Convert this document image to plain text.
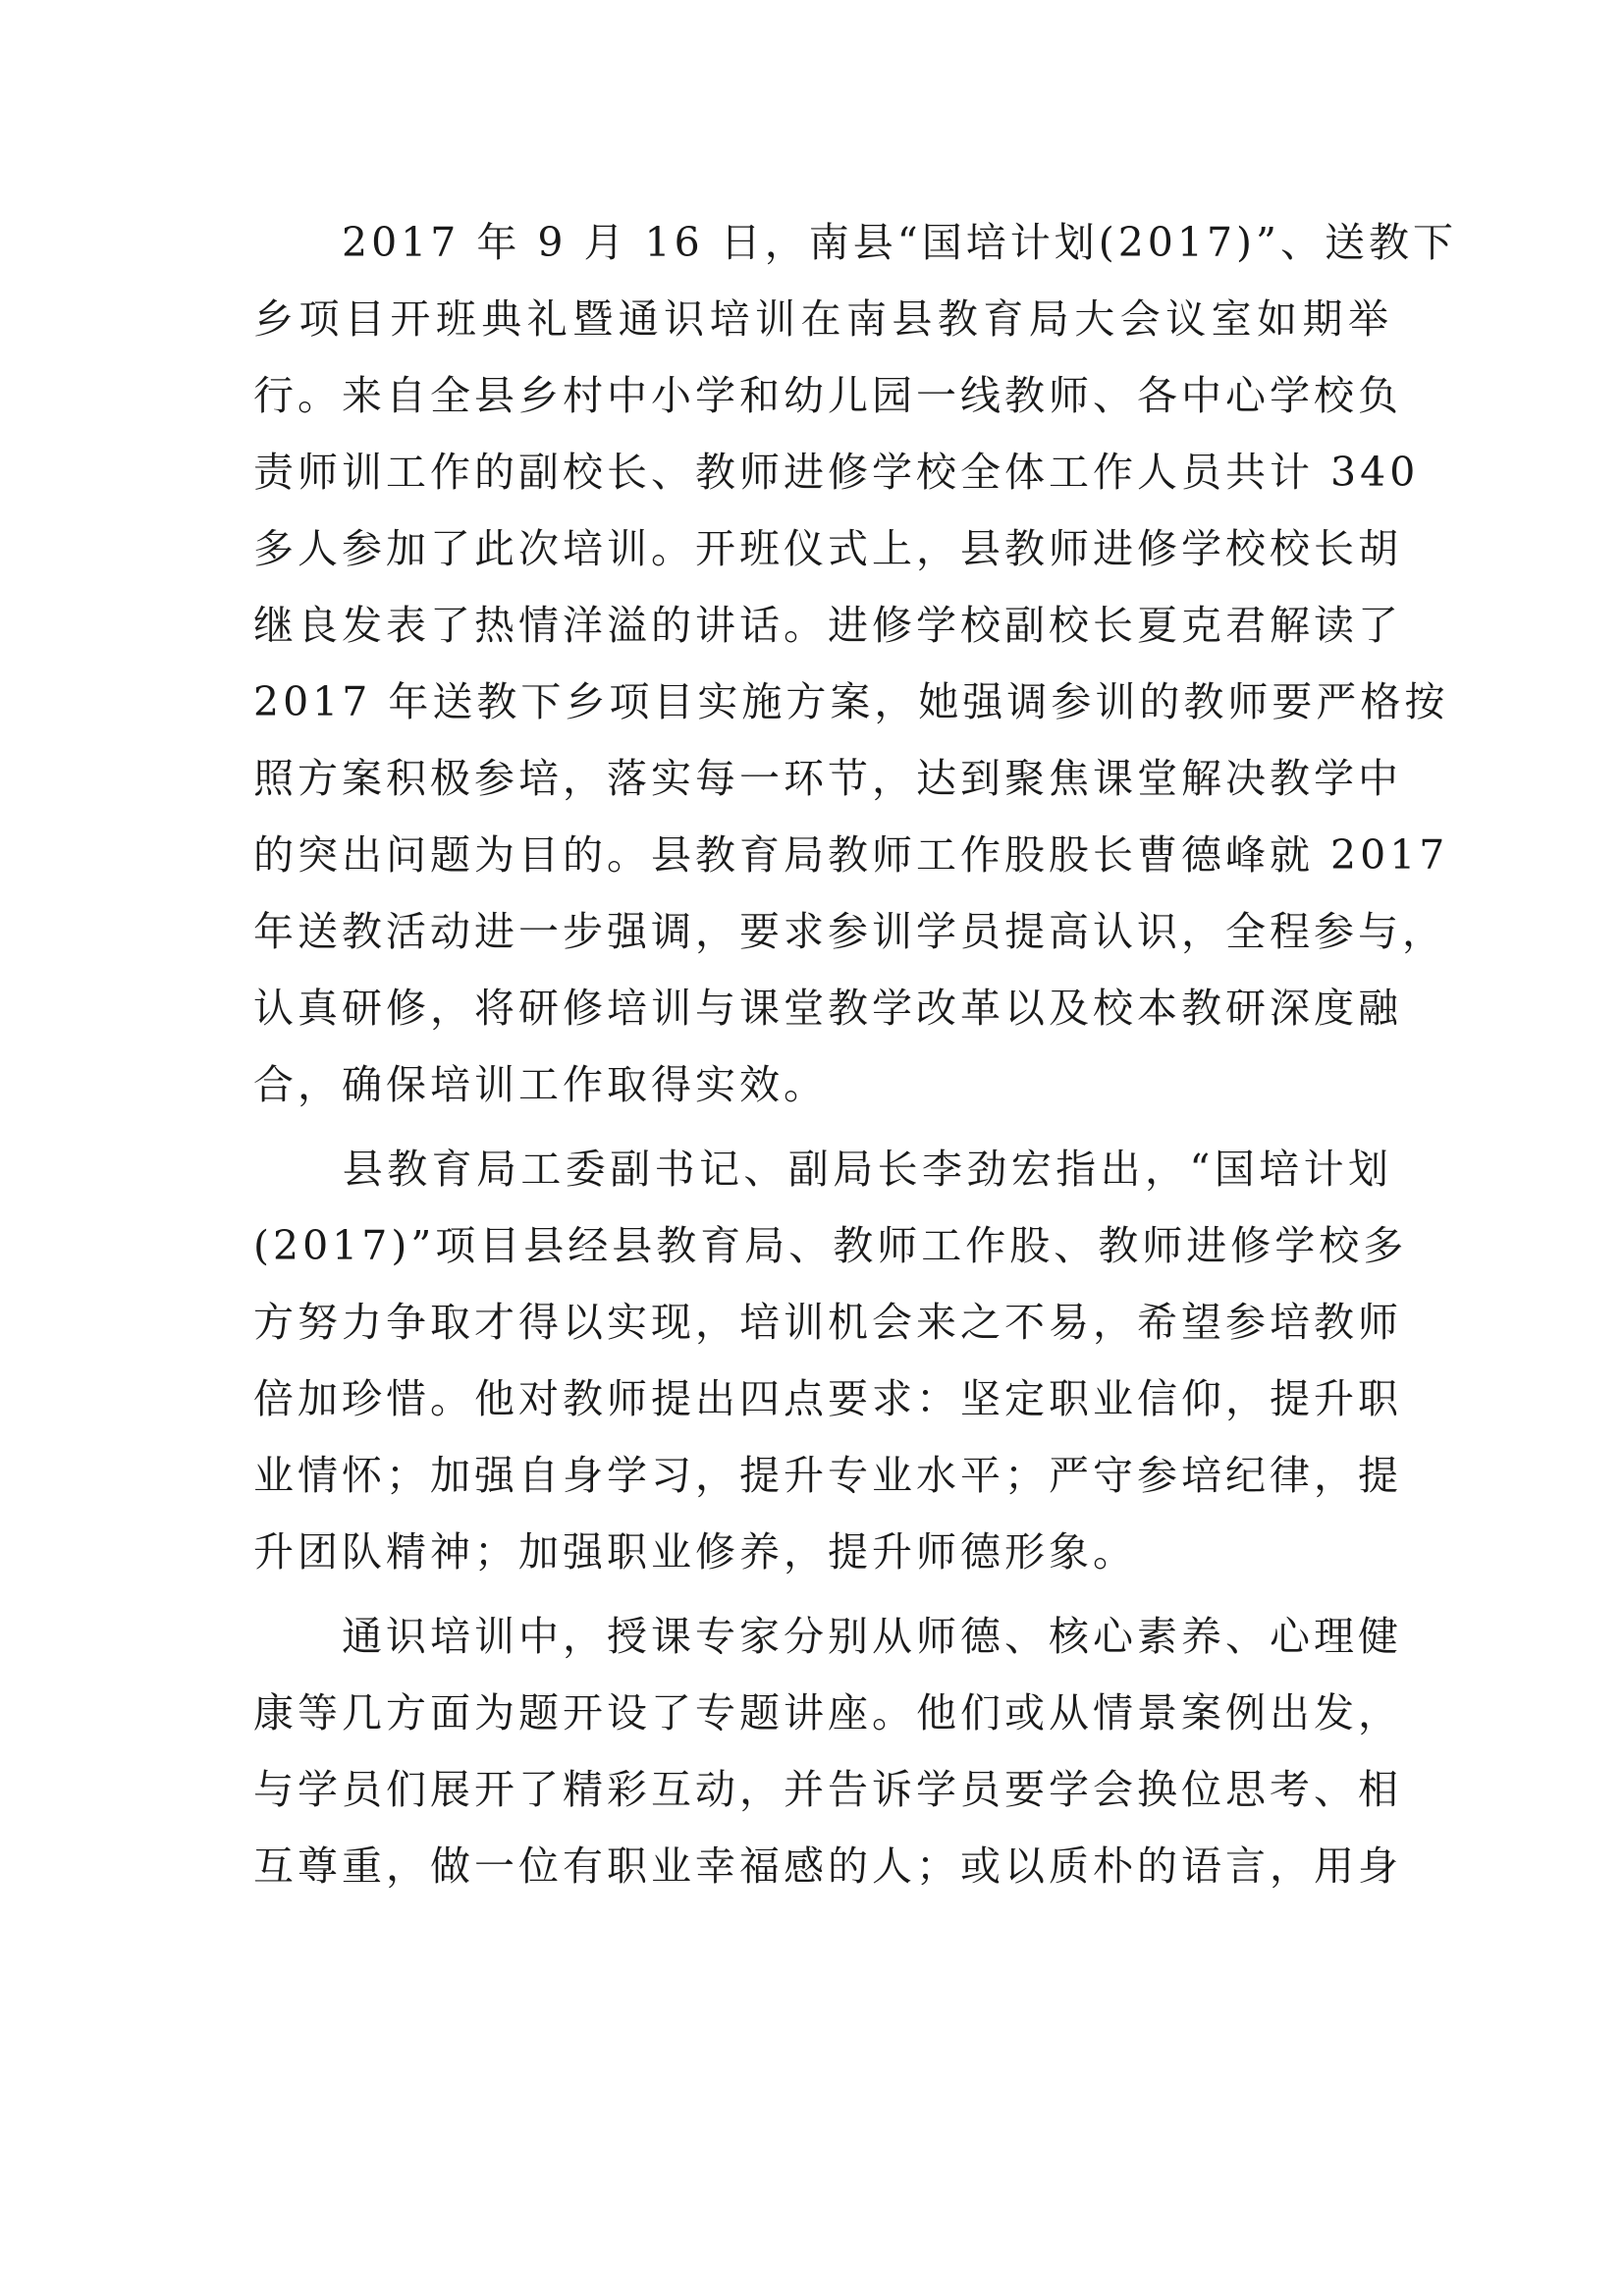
　　2017 年 9 月 16 日，南县“国培计划(2017)”、送教下
乡项目开班典礼暨通识培训在南县教育局大会议室如期举
行。来自全县乡村中小学和幼儿园一线教师、各中心学校负
责师训工作的副校长、教师进修学校全体工作人员共计 340
多人参加了此次培训。开班仪式上，县教师进修学校校长胡
继良发表了热情洋溢的讲话。进修学校副校长夏克君解读了
2017 年送教下乡项目实施方案，她强调参训的教师要严格按
照方案积极参培，落实每一环节，达到聚焦课堂解决教学中
的突出问题为目的。县教育局教师工作股股长曹德峰就 2017
年送教活动进一步强调，要求参训学员提高认识，全程参与，
认真研修，将研修培训与课堂教学改革以及校本教研深度融
合，确保培训工作取得实效。
　　县教育局工委副书记、副局长李劲宏指出，“国培计划
(2017)”项目县经县教育局、教师工作股、教师进修学校多
方努力争取才得以实现，培训机会来之不易，希望参培教师
倍加珍惜。他对教师提出四点要求：坚定职业信仰，提升职
业情怀；加强自身学习，提升专业水平；严守参培纪律，提
升团队精神；加强职业修养，提升师德形象。
　　通识培训中，授课专家分别从师德、核心素养、心理健
康等几方面为题开设了专题讲座。他们或从情景案例出发，
与学员们展开了精彩互动，并告诉学员要学会换位思考、相
互尊重，做一位有职业幸福感的人；或以质朴的语言，用身
